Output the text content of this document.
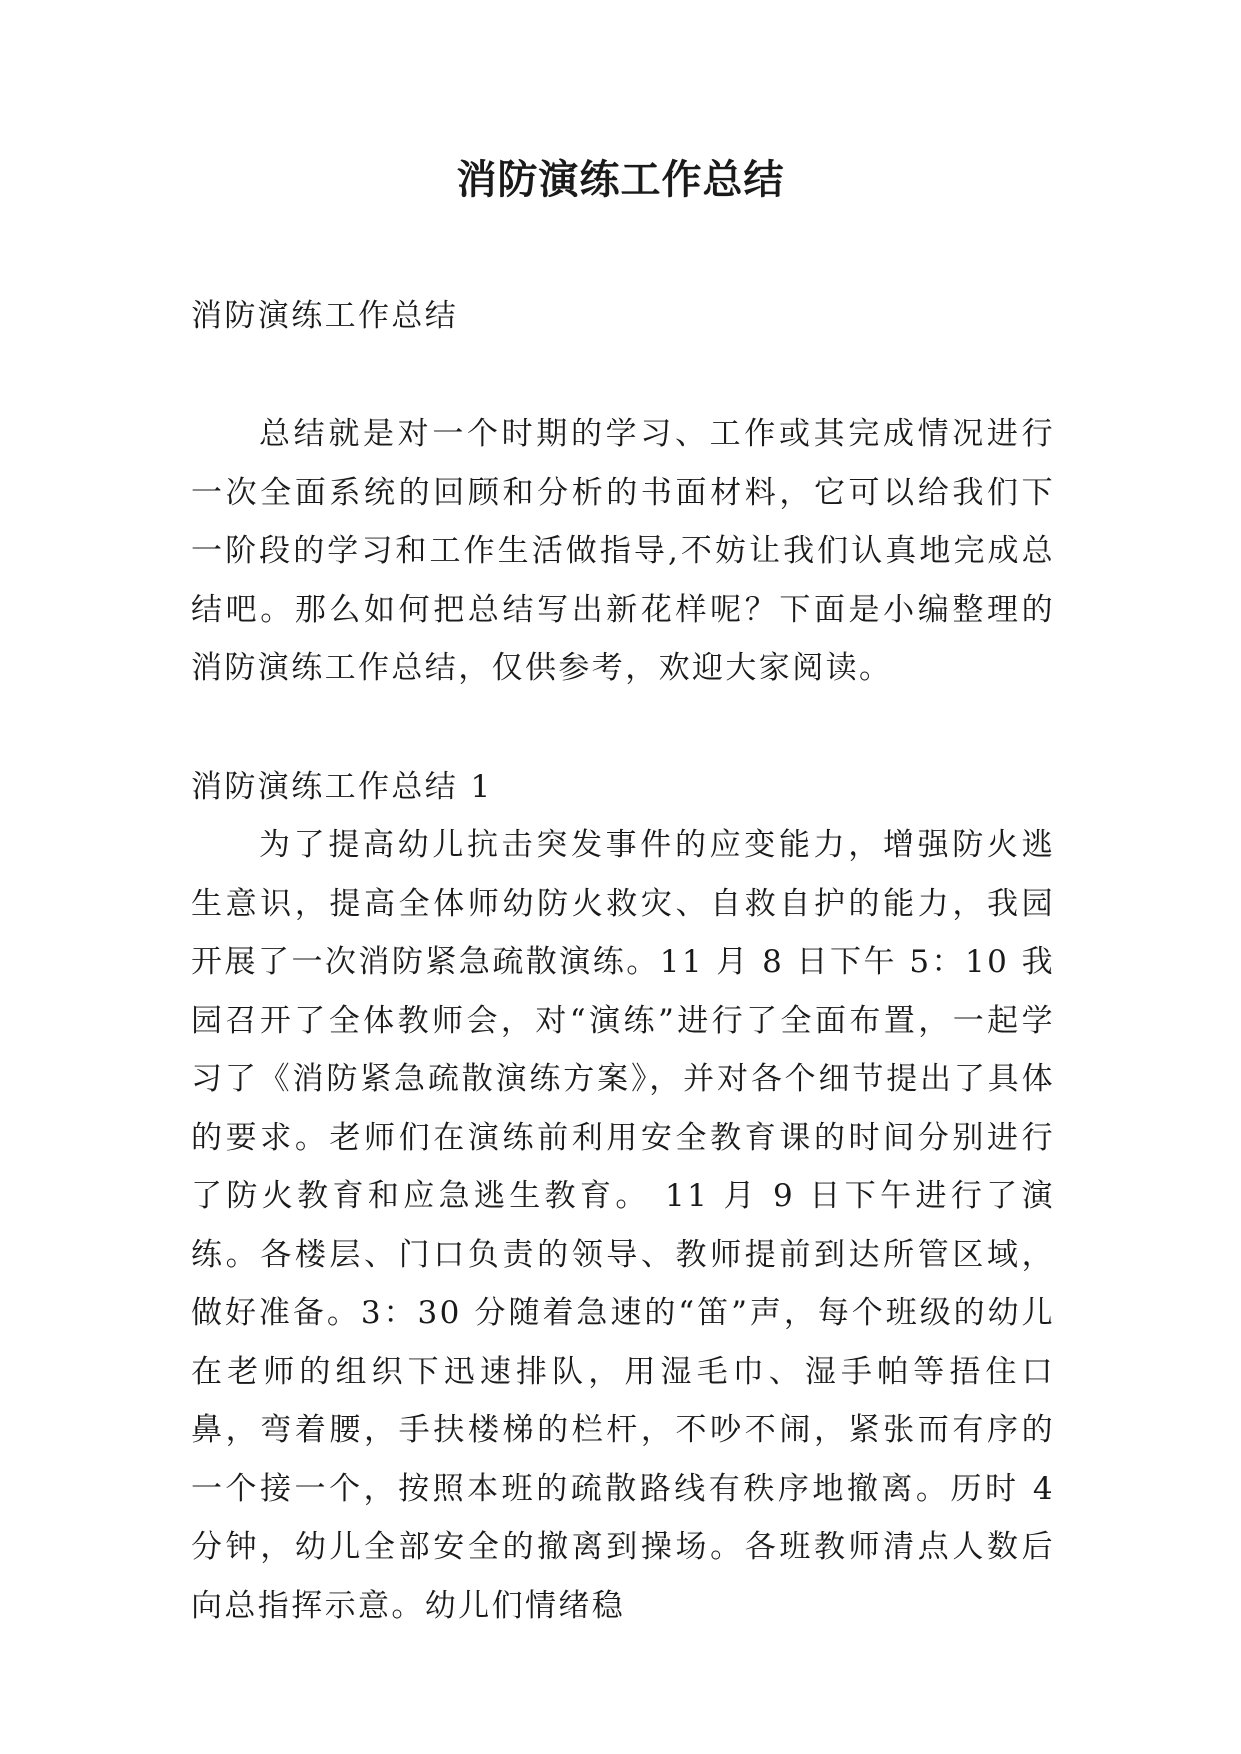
消防演练工作总结

消防演练工作总结

总结就是对一个时期的学习、工作或其完成情况进行一次全面系统的回顾和分析的书面材料，它可以给我们下一阶段的学习和工作生活做指导,不妨让我们认真地完成总结吧。那么如何把总结写出新花样呢？下面是小编整理的消防演练工作总结，仅供参考，欢迎大家阅读。

消防演练工作总结 1

为了提高幼儿抗击突发事件的应变能力，增强防火逃生意识，提高全体师幼防火救灾、自救自护的能力，我园开展了一次消防紧急疏散演练。11 月 8 日下午 5：10 我园召开了全体教师会，对“演练”进行了全面布置，一起学习了《消防紧急疏散演练方案》，并对各个细节提出了具体的要求。老师们在演练前利用安全教育课的时间分别进行了防火教育和应急逃生教育。 11 月 9 日下午进行了演练。各楼层、门口负责的领导、教师提前到达所管区域，做好准备。3：30 分随着急速的“笛”声，每个班级的幼儿在老师的组织下迅速排队，用湿毛巾、湿手帕等捂住口鼻，弯着腰，手扶楼梯的栏杆，不吵不闹，紧张而有序的一个接一个，按照本班的疏散路线有秩序地撤离。历时 4 分钟，幼儿全部安全的撤离到操场。各班教师清点人数后向总指挥示意。幼儿们情绪稳
